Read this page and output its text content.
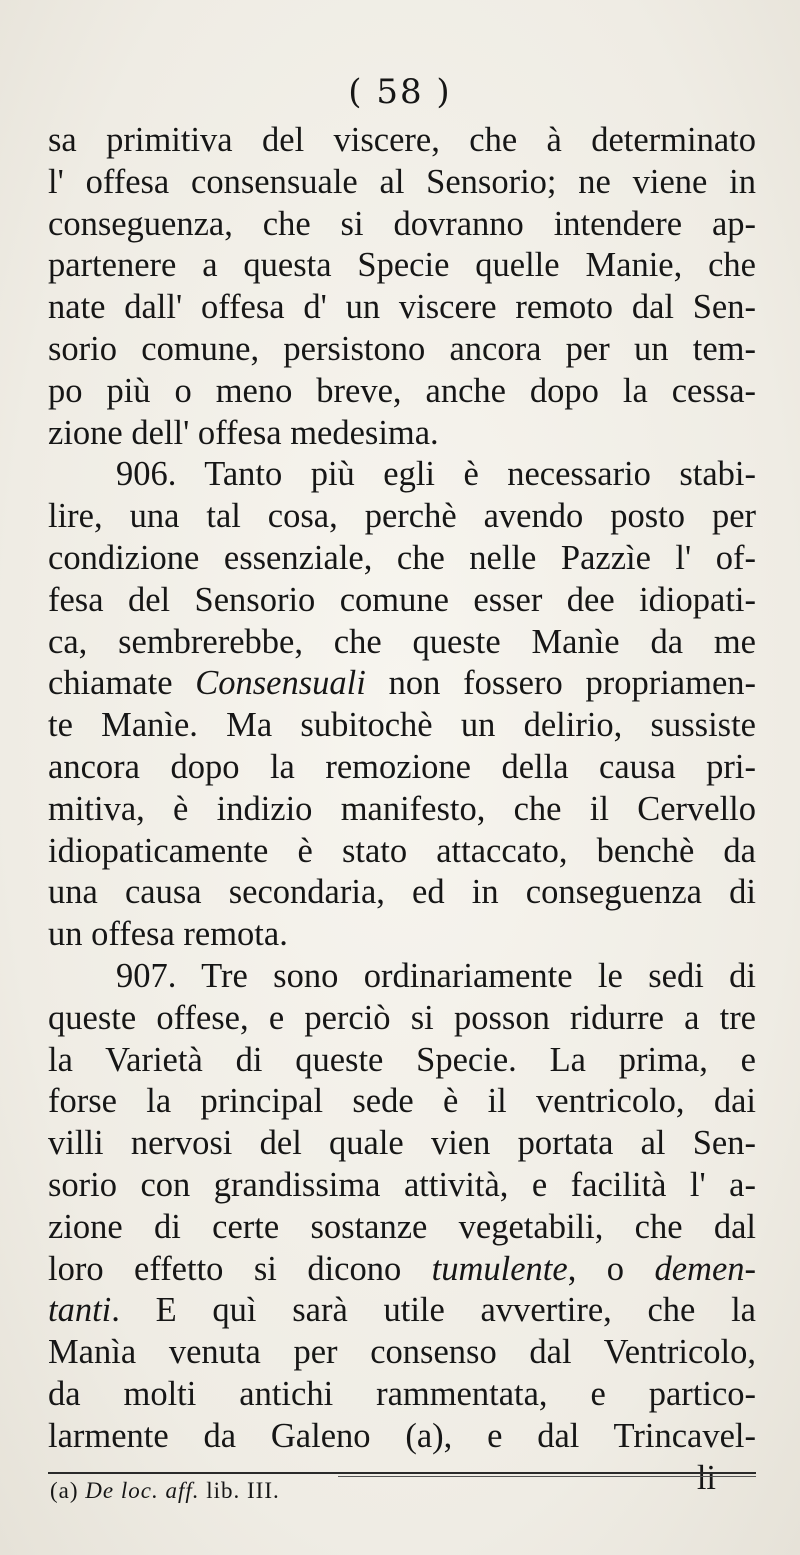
( 58 )
sa primitiva del viscere, che à determinato
l' offesa consensuale al Sensorio; ne viene in
conseguenza, che si dovranno intendere ap-
partenere a questa Specie quelle Manie, che
nate dall' offesa d' un viscere remoto dal Sen-
sorio comune, persistono ancora per un tem-
po più o meno breve, anche dopo la cessa-
zione dell' offesa medesima.
906. Tanto più egli è necessario stabi-
lire, una tal cosa, perchè avendo posto per
condizione essenziale, che nelle Pazzìe l' of-
fesa del Sensorio comune esser dee idiopati-
ca, sembrerebbe, che queste Manìe da me
chiamate Consensuali non fossero propriamen-
te Manìe. Ma subitochè un delirio, sussiste
ancora dopo la remozione della causa pri-
mitiva, è indizio manifesto, che il Cervello
idiopaticamente è stato attaccato, benchè da
una causa secondaria, ed in conseguenza di
un offesa remota.
907. Tre sono ordinariamente le sedi di
queste offese, e perciò si posson ridurre a tre
la Varietà di queste Specie. La prima, e
forse la principal sede è il ventricolo, dai
villi nervosi del quale vien portata al Sen-
sorio con grandissima attività, e facilità l' a-
zione di certe sostanze vegetabili, che dal
loro effetto si dicono tumulente, o demen-
tanti. E quì sarà utile avvertire, che la
Manìa venuta per consenso dal Ventricolo,
da molti antichi rammentata, e partico-
larmente da Galeno (a), e dal Trincavel-
li
(a) De loc. aff. lib. III.
